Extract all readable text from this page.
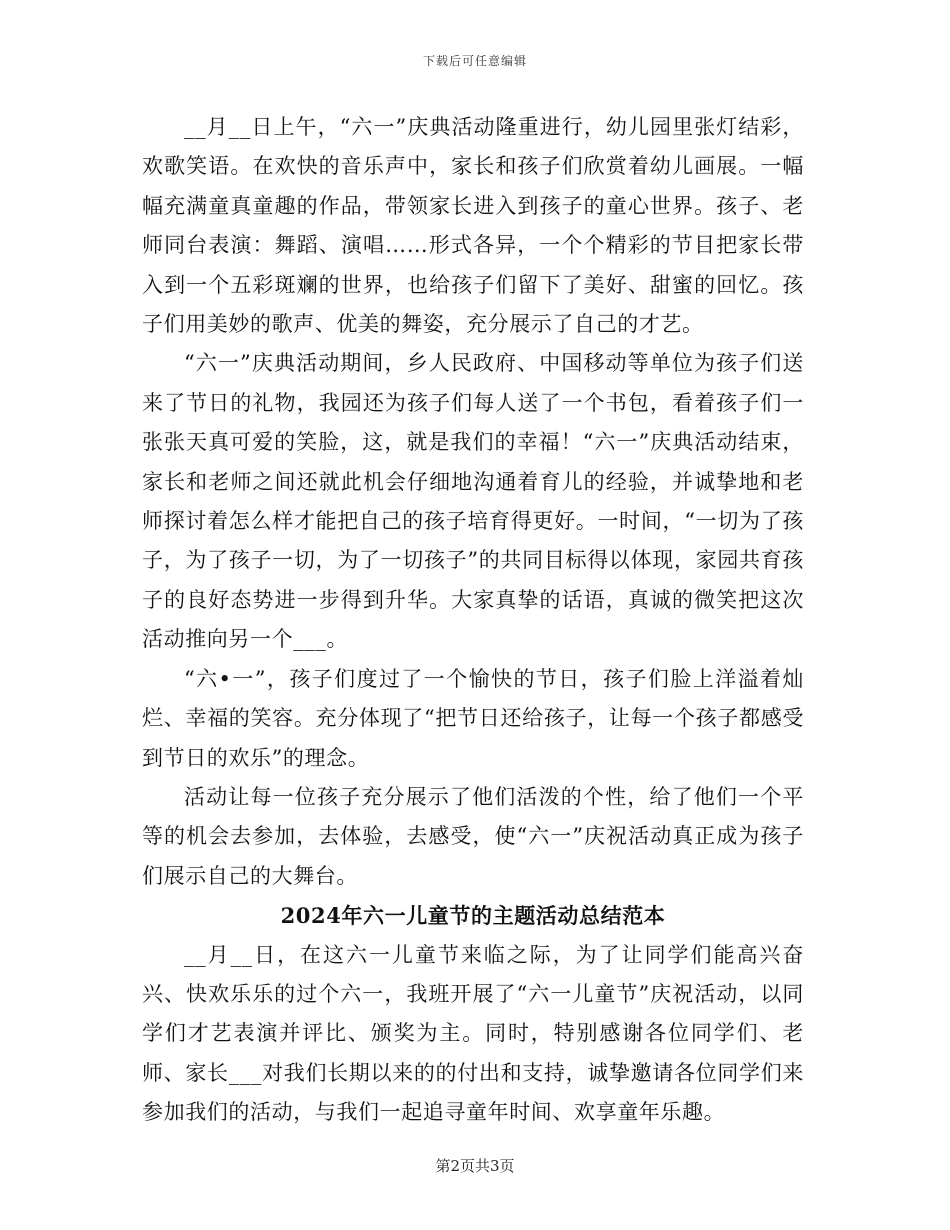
下载后可任意编辑

__月__日上午，“六一”庆典活动隆重进行，幼儿园里张灯结彩，欢歌笑语。在欢快的音乐声中，家长和孩子们欣赏着幼儿画展。一幅幅充满童真童趣的作品，带领家长进入到孩子的童心世界。孩子、老师同台表演：舞蹈、演唱……形式各异，一个个精彩的节目把家长带入到一个五彩斑斓的世界，也给孩子们留下了美好、甜蜜的回忆。孩子们用美妙的歌声、优美的舞姿，充分展示了自己的才艺。

“六一”庆典活动期间，乡人民政府、中国移动等单位为孩子们送来了节日的礼物，我园还为孩子们每人送了一个书包，看着孩子们一张张天真可爱的笑脸，这，就是我们的幸福！“六一”庆典活动结束，家长和老师之间还就此机会仔细地沟通着育儿的经验，并诚挚地和老师探讨着怎么样才能把自己的孩子培育得更好。一时间，“一切为了孩子，为了孩子一切，为了一切孩子”的共同目标得以体现，家园共育孩子的良好态势进一步得到升华。大家真挚的话语，真诚的微笑把这次活动推向另一个___。

“六•一”，孩子们度过了一个愉快的节日，孩子们脸上洋溢着灿烂、幸福的笑容。充分体现了“把节日还给孩子，让每一个孩子都感受到节日的欢乐”的理念。

活动让每一位孩子充分展示了他们活泼的个性，给了他们一个平等的机会去参加，去体验，去感受，使“六一”庆祝活动真正成为孩子们展示自己的大舞台。

2024年六一儿童节的主题活动总结范本

__月__日，在这六一儿童节来临之际，为了让同学们能高兴奋兴、快欢乐乐的过个六一，我班开展了“六一儿童节”庆祝活动，以同学们才艺表演并评比、颁奖为主。同时，特别感谢各位同学们、老师、家长___对我们长期以来的的付出和支持，诚挚邀请各位同学们来参加我们的活动，与我们一起追寻童年时间、欢享童年乐趣。

第2页共3页
